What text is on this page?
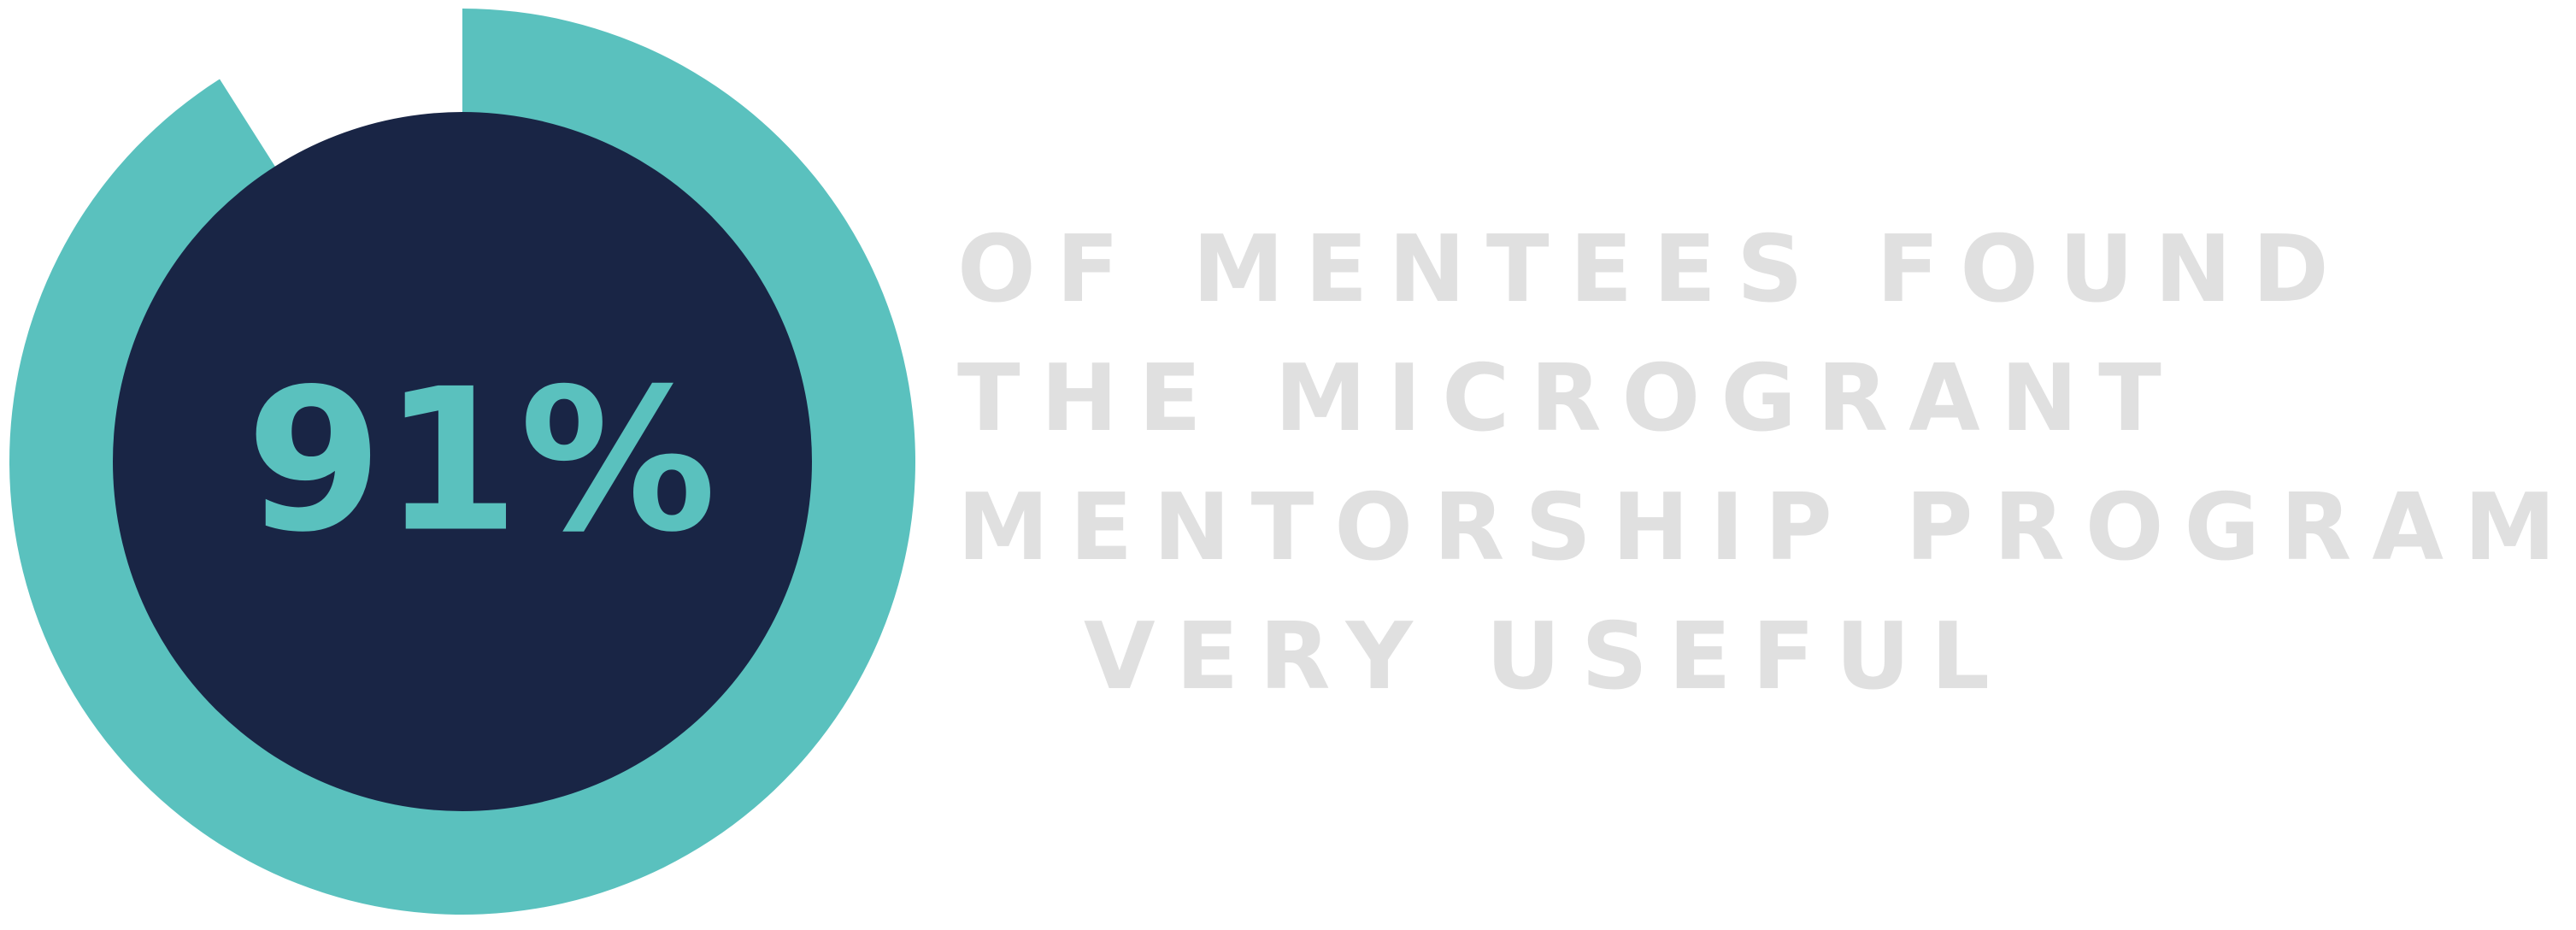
91%
OF MENTEES FOUND
THE MICROGRANT
MENTORSHIP PROGRAM
VERY USEFUL
